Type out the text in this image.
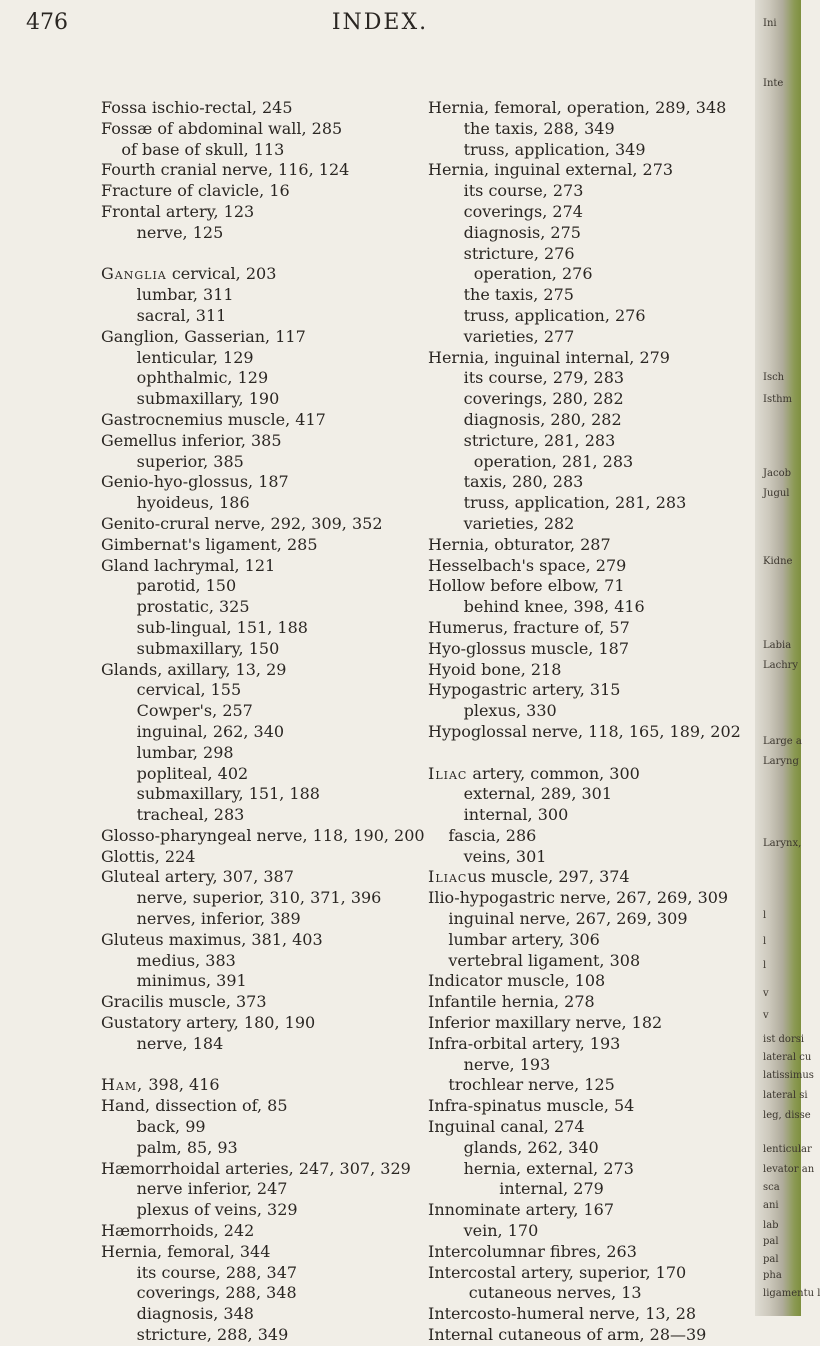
476	INDEX.
Fossa ischio-rectal, 245
Fossæ of abdominal wall, 285
of base of skull, 113
Fourth cranial nerve, 116, 124
Fracture of clavicle, 16
Frontal artery, 123
nerve, 125
Ganglia cervical, 203
lumbar, 311
sacral, 311
Ganglion, Gasserian, 117
lenticular, 129
ophthalmic, 129
submaxillary, 190
Gastrocnemius muscle, 417
Gemellus inferior, 385
superior, 385
Genio-hyo-glossus, 187
hyoideus, 186
Genito-crural nerve, 292, 309, 352
Gimbernat's ligament, 285
Gland lachrymal, 121
parotid, 150
prostatic, 325
sub-lingual, 151, 188
submaxillary, 150
Glands, axillary, 13, 29
cervical, 155
Cowper's, 257
inguinal, 262, 340
lumbar, 298
popliteal, 402
submaxillary, 151, 188
tracheal, 283
Glosso-pharyngeal nerve, 118, 190, 200
Glottis, 224
Gluteal artery, 307, 387
nerve, superior, 310, 371, 396
nerves, inferior, 389
Gluteus maximus, 381, 403
medius, 383
minimus, 391
Gracilis muscle, 373
Gustatory artery, 180, 190
nerve, 184
Ham, 398, 416
Hand, dissection of, 85
back, 99
palm, 85, 93
Hæmorrhoidal arteries, 247, 307, 329
nerve inferior, 247
plexus of veins, 329
Hæmorrhoids, 242
Hernia, femoral, 344
its course, 288, 347
coverings, 288, 348
diagnosis, 348
stricture, 288, 349
Hernia, femoral, operation, 289, 348
the taxis, 288, 349
truss, application, 349
Hernia, inguinal external, 273
its course, 273
coverings, 274
diagnosis, 275
stricture, 276
operation, 276
the taxis, 275
truss, application, 276
varieties, 277
Hernia, inguinal internal, 279
its course, 279, 283
coverings, 280, 282
diagnosis, 280, 282
stricture, 281, 283
operation, 281, 283
taxis, 280, 283
truss, application, 281, 283
varieties, 282
Hernia, obturator, 287
Hesselbach's space, 279
Hollow before elbow, 71
behind knee, 398, 416
Humerus, fracture of, 57
Hyo-glossus muscle, 187
Hyoid bone, 218
Hypogastric artery, 315
plexus, 330
Hypoglossal nerve, 118, 165, 189, 202
Iliac artery, common, 300
external, 289, 301
internal, 300
fascia, 286
veins, 301
Iliacus muscle, 297, 374
Ilio-hypogastric nerve, 267, 269, 309
inguinal nerve, 267, 269, 309
lumbar artery, 306
vertebral ligament, 308
Indicator muscle, 108
Infantile hernia, 278
Inferior maxillary nerve, 182
Infra-orbital artery, 193
nerve, 193
trochlear nerve, 125
Infra-spinatus muscle, 54
Inguinal canal, 274
glands, 262, 340
hernia, external, 273
internal, 279
Innominate artery, 167
vein, 170
Intercolumnar fibres, 263
Intercostal artery, superior, 170
cutaneous nerves, 13
Intercosto-humeral nerve, 13, 28
Internal cutaneous of arm, 28—39
Ini
Inte
Isch
Isthm
Jacob
Jugul
Kidne
Labia
Lachry
Large a
Laryng
Larynx,
l
l
l
v
v
ist dorsi
lateral cu
latissimus
lateral si
leg, disse
lenticular
levator an
sca
ani
lab
pal
pal
pha
ligamentu l
